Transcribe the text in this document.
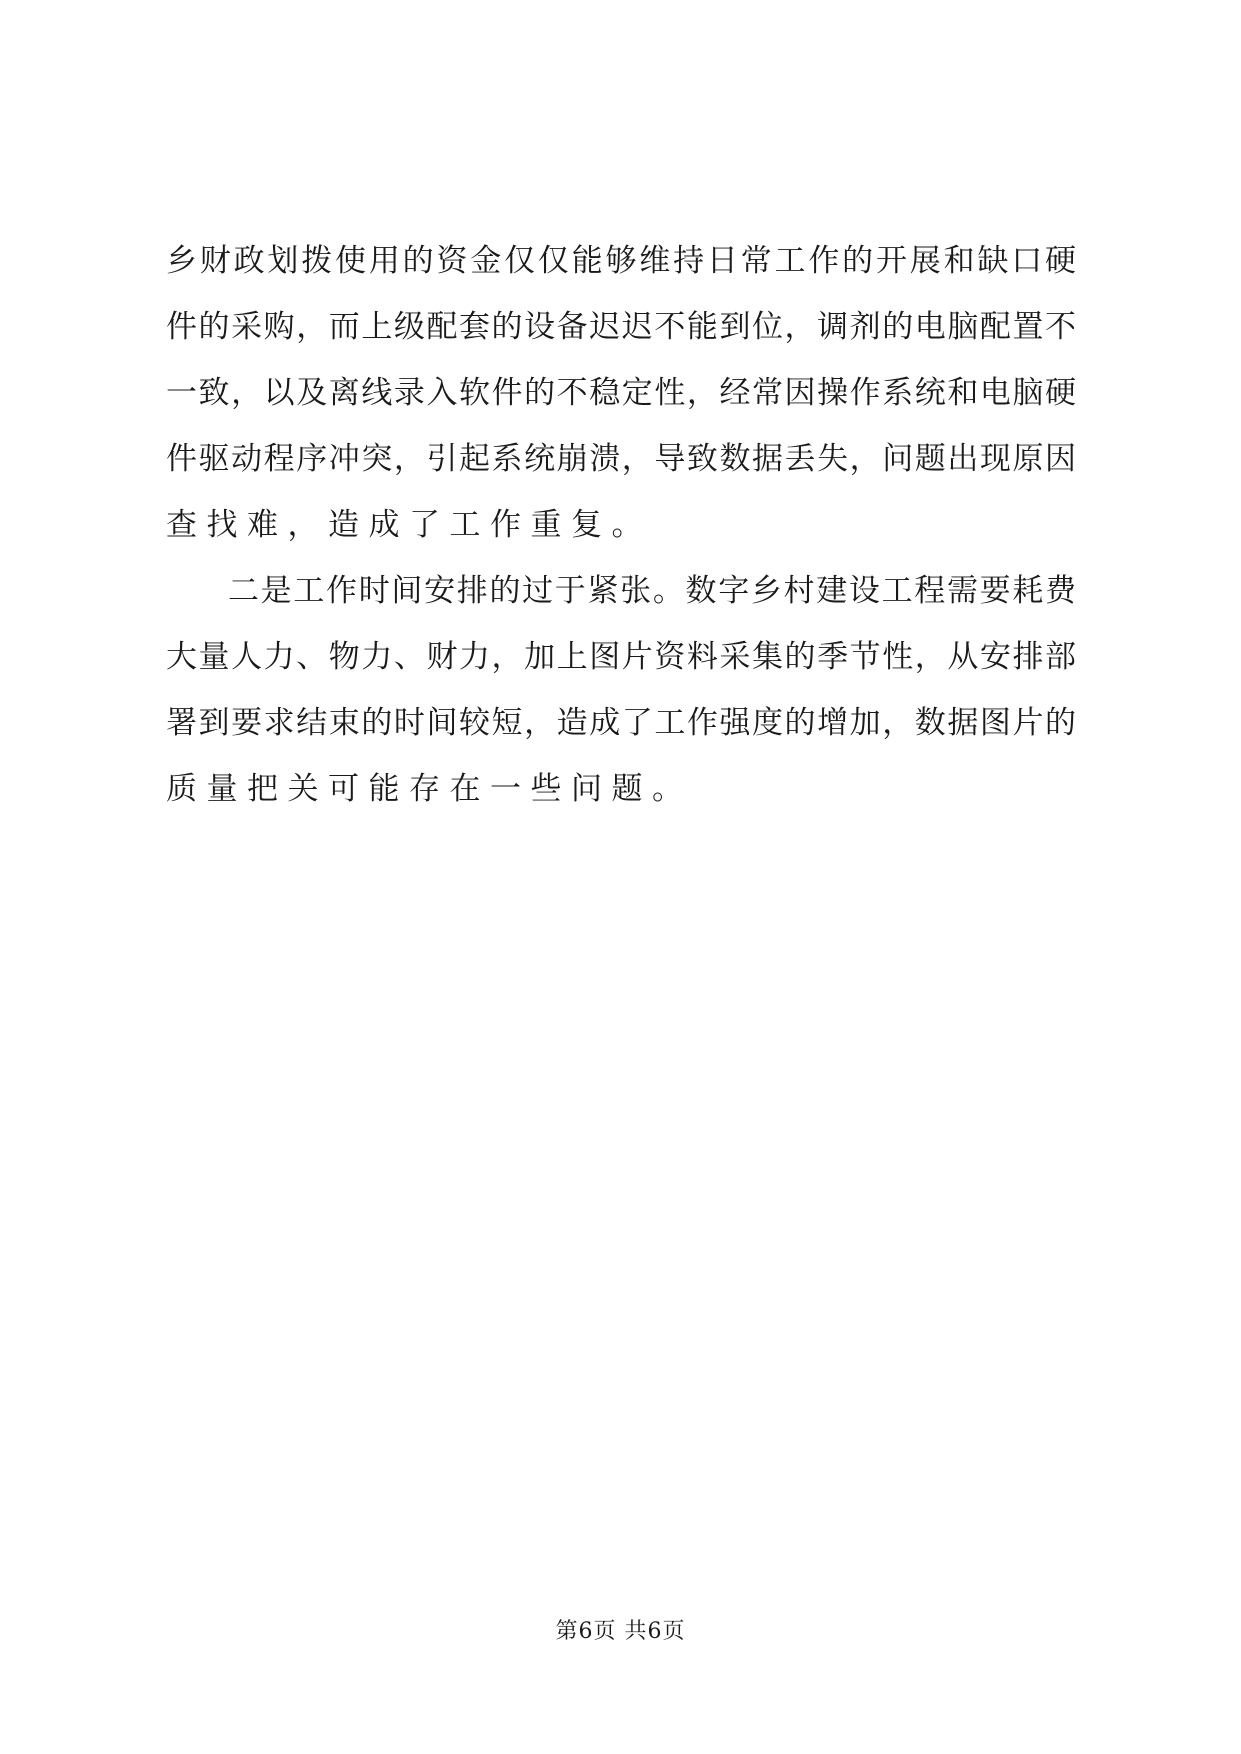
乡财政划拨使用的资金仅仅能够维持日常工作的开展和缺口硬
件的采购，而上级配套的设备迟迟不能到位，调剂的电脑配置不
一致，以及离线录入软件的不稳定性，经常因操作系统和电脑硬
件驱动程序冲突，引起系统崩溃，导致数据丢失，问题出现原因
查找难，造成了工作重复。
二是工作时间安排的过于紧张。数字乡村建设工程需要耗费
大量人力、物力、财力，加上图片资料采集的季节性，从安排部
署到要求结束的时间较短，造成了工作强度的增加，数据图片的
质量把关可能存在一些问题。
第6页 共6页
